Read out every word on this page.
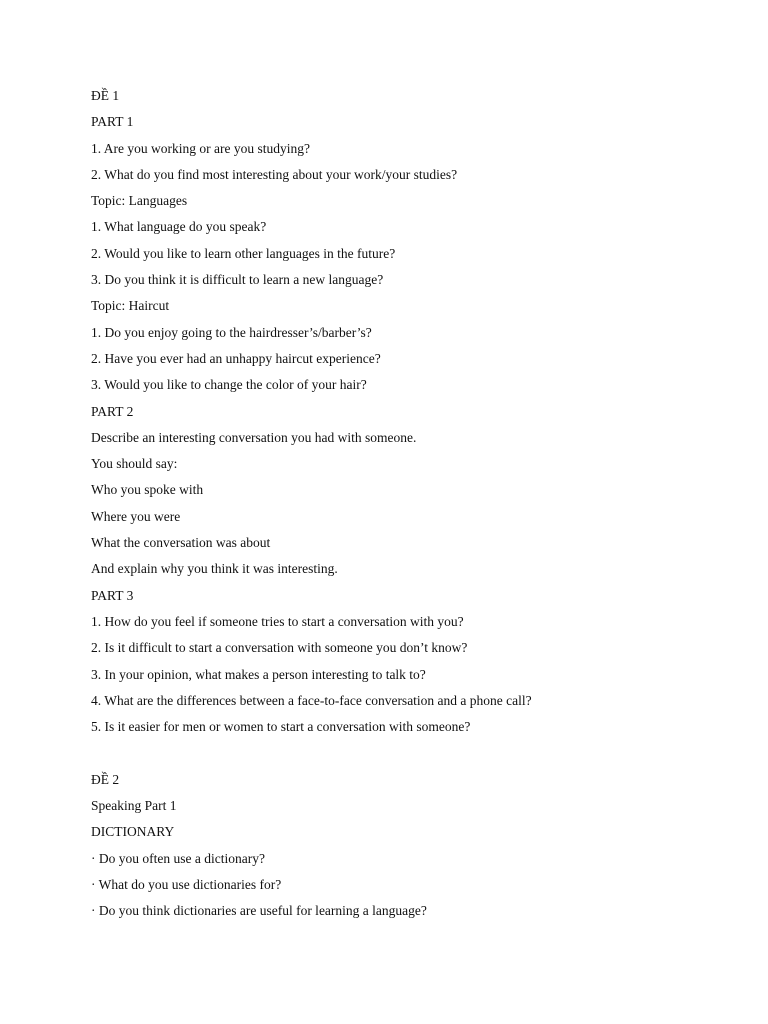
ĐỀ 1
PART 1
1. Are you working or are you studying?
2. What do you find most interesting about your work/your studies?
Topic: Languages
1. What language do you speak?
2. Would you like to learn other languages in the future?
3. Do you think it is difficult to learn a new language?
Topic: Haircut
1. Do you enjoy going to the hairdresser’s/barber’s?
2. Have you ever had an unhappy haircut experience?
3. Would you like to change the color of your hair?
PART 2
Describe an interesting conversation you had with someone.
You should say:
Who you spoke with
Where you were
What the conversation was about
And explain why you think it was interesting.
PART 3
1. How do you feel if someone tries to start a conversation with you?
2. Is it difficult to start a conversation with someone you don’t know?
3. In your opinion, what makes a person interesting to talk to?
4. What are the differences between a face-to-face conversation and a phone call?
5. Is it easier for men or women to start a conversation with someone?
ĐỀ 2
Speaking Part 1
DICTIONARY
· Do you often use a dictionary?
· What do you use dictionaries for?
· Do you think dictionaries are useful for learning a language?
